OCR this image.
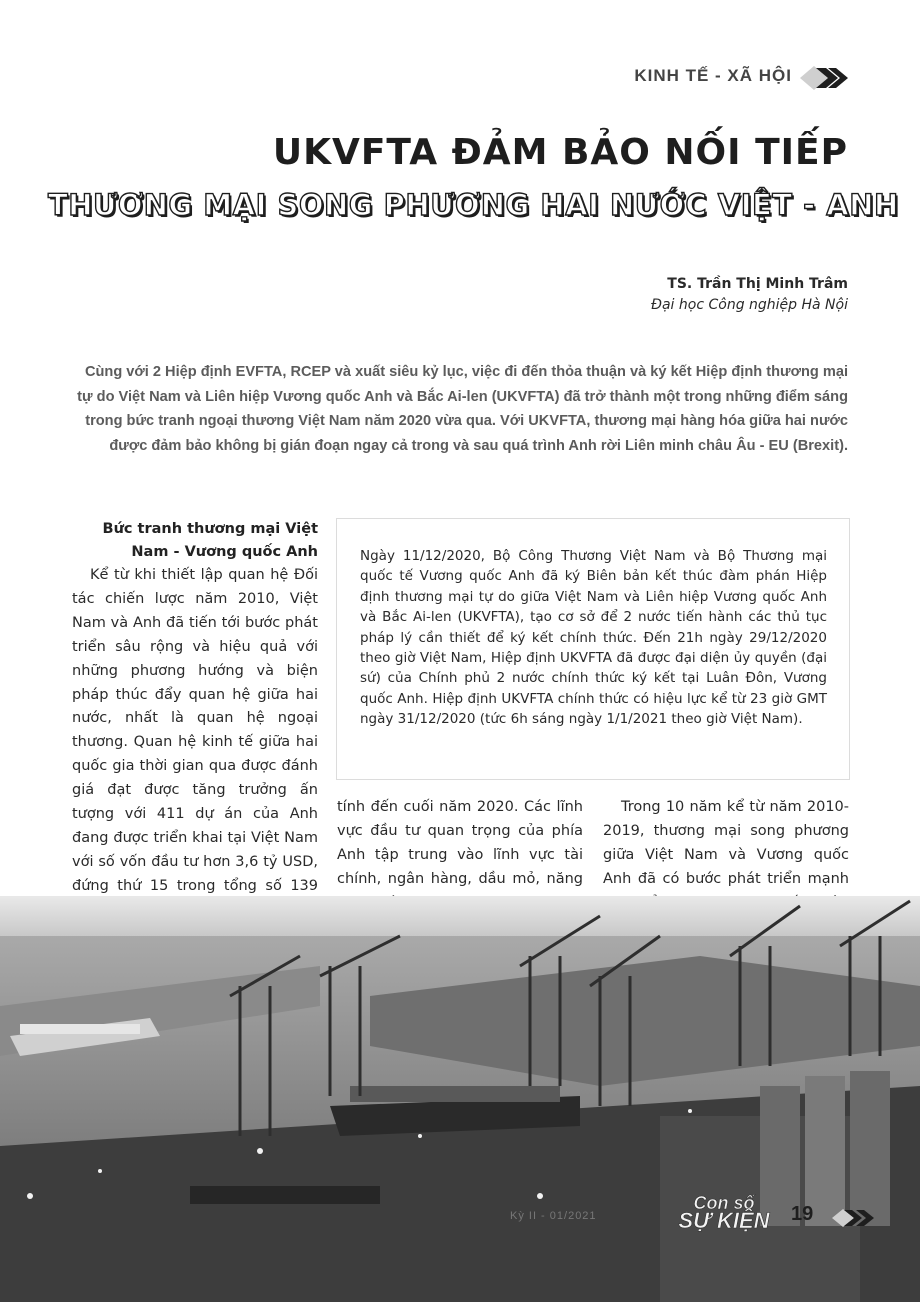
KINH TẾ - XÃ HỘI
UKVFTA ĐẢM BẢO NỐI TIẾP
THƯƠNG MẠI SONG PHƯƠNG HAI NƯỚC VIỆT - ANH
TS. Trần Thị Minh Trâm
Đại học Công nghiệp Hà Nội
Cùng với 2 Hiệp định EVFTA, RCEP và xuất siêu kỷ lục, việc đi đến thỏa thuận và ký kết Hiệp định thương mại tự do Việt Nam và Liên hiệp Vương quốc Anh và Bắc Ai-len (UKVFTA) đã trở thành một trong những điểm sáng trong bức tranh ngoại thương Việt Nam năm 2020 vừa qua. Với UKVFTA, thương mại hàng hóa giữa hai nước được đảm bảo không bị gián đoạn ngay cả trong và sau quá trình Anh rời Liên minh châu Âu - EU (Brexit).
Bức tranh thương mại Việt Nam - Vương quốc Anh
Kể từ khi thiết lập quan hệ Đối tác chiến lược năm 2010, Việt Nam và Anh đã tiến tới bước phát triển sâu rộng và hiệu quả với những phương hướng và biện pháp thúc đẩy quan hệ giữa hai nước, nhất là quan hệ ngoại thương. Quan hệ kinh tế giữa hai quốc gia thời gian qua được đánh giá đạt được tăng trưởng ấn tượng với 411 dự án của Anh đang được triển khai tại Việt Nam với số vốn đầu tư hơn 3,6 tỷ USD, đứng thứ 15 trong tổng số 139

Ngày 11/12/2020, Bộ Công Thương Việt Nam và Bộ Thương mại quốc tế Vương quốc Anh đã ký Biên bản kết thúc đàm phán Hiệp định thương mại tự do giữa Việt Nam và Liên hiệp Vương quốc Anh và Bắc Ai-len (UKVFTA), tạo cơ sở để 2 nước tiến hành các thủ tục pháp lý cần thiết để ký kết chính thức. Đến 21h ngày 29/12/2020 theo giờ Việt Nam, Hiệp định UKVFTA đã được đại diện ủy quyền (đại sứ) của Chính phủ 2 nước chính thức ký kết tại Luân Đôn, Vương quốc Anh. Hiệp định UKVFTA chính thức có hiệu lực kể từ 23 giờ GMT ngày 31/12/2020 (tức 6h sáng ngày 1/1/2021 theo giờ Việt Nam).

tính đến cuối năm 2020. Các lĩnh vực đầu tư quan trọng của phía Anh tập trung vào lĩnh vực tài chính, ngân hàng, dầu mỏ, năng
Trong 10 năm kể từ năm 2010-2019, thương mại song phương giữa Việt Nam và Vương quốc Anh đã có bước phát triển mạnh
Kỳ II - 01/2021
Con số
SỰ KIỆN	19
